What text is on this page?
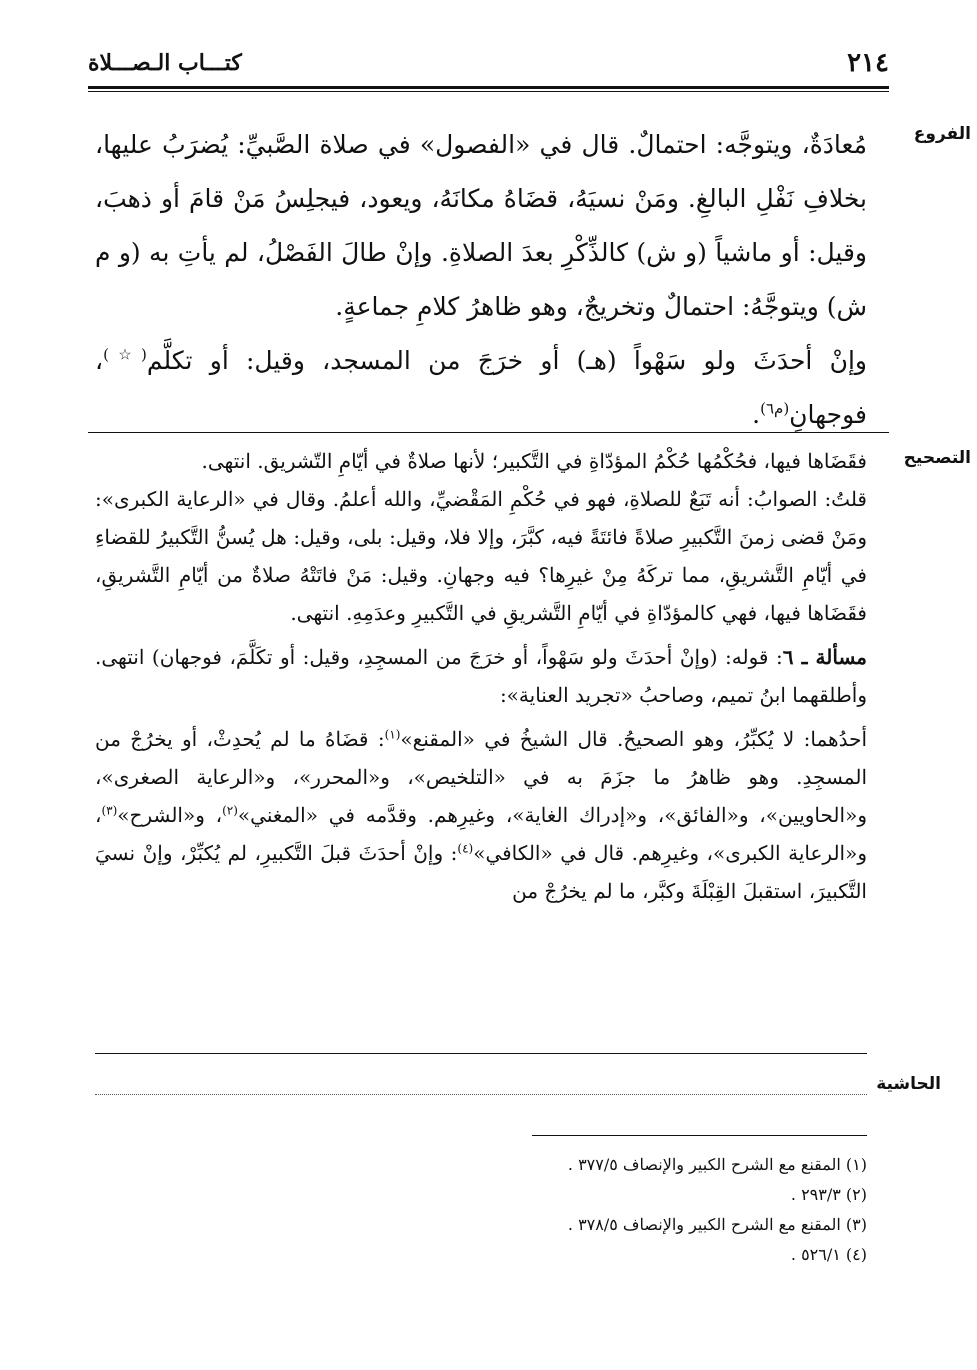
٢١٤
كتـــاب الـصـــلاة
الفروع

مُعادَةٌ، ويتوجَّه: احتمالٌ. قال في «الفصول» في صلاة الصَّبيِّ: يُضرَبُ عليها، بخلافِ نَفْلِ البالغِ. ومَنْ نسيَهُ، قضَاهُ مكانَهُ، ويعود، فيجلِسُ مَنْ قامَ أو ذهبَ، وقيل: أو ماشياً (و ش) كالذِّكْرِ بعدَ الصلاةِ. وإنْ طالَ الفَصْلُ، لم يأتِ به (و م ش) ويتوجَّهُ: احتمالٌ وتخريجٌ، وهو ظاهرُ كلامِ جماعةٍ.

وإنْ أحدَثَ ولو سَهْواً (هـ) أو خرَجَ من المسجد، وقيل: أو تكلَّم(☆)، فوجهانِ$^{(م٦)}$.

التصحيح

فقَضَاها فيها، فحُكْمُها حُكْمُ المؤدّاةِ في التَّكبير؛ لأنها صلاةٌ في أيّامِ التّشريق. انتهى.

قلتُ: الصوابُ: أنه تَبَعٌ للصلاةِ، فهو في حُكْمِ المَقْضيِّ، والله أعلمُ. وقال في «الرعاية الكبرى»: ومَنْ قضى زمنَ التَّكبيرِ صلاةً فائتَةً فيه، كبَّرَ، وإلا فلا، وقيل: بلى، وقيل: هل يُسنُّ التَّكبيرُ للقضاءِ في أيّامِ التَّشريقِ، مما تركَهُ مِنْ غيرِها؟ فيه وجهانِ. وقيل: مَنْ فاتَتْهُ صلاةٌ من أيّامِ التَّشريقِ، فقَضَاها فيها، فهي كالمؤدّاةِ في أيّامِ التَّشريقِ في التَّكبيرِ وعدَمِهِ. انتهى.

مسألة ـ ٦: قوله: (وإنْ أحدَثَ ولو سَهْواً، أو خرَجَ من المسجِدِ، وقيل: أو تكَلَّمَ، فوجهان) انتهى. وأطلقهما ابنُ تميم، وصاحبُ «تجريد العناية»:

أحدُهما: لا يُكبِّرُ، وهو الصحيحُ. قال الشيخُ في «المقنع»$^{(١)}$: قضَاهُ ما لم يُحدِثْ، أو يخرُجْ من المسجِدِ. وهو ظاهرُ ما جزَمَ به في «التلخيص»، و«المحرر»، و«الرعاية الصغرى»، و«الحاويين»، و«الفائق»، و«إدراك الغاية»، وغيرِهم. وقدَّمه في «المغني»$^{(٢)}$، و«الشرح»$^{(٣)}$، و«الرعاية الكبرى»، وغيرِهم. قال في «الكافي»$^{(٤)}$: وإنْ أحدَثَ قبلَ التَّكبيرِ، لم يُكبِّرْ، وإنْ نسيَ التَّكبيرَ، استقبلَ القِبْلَةَ وكبَّر، ما لم يخرُجْ من

الحاشية
(١) المقنع مع الشرح الكبير والإنصاف ٣٧٧/٥ .
(٢) ٢٩٣/٣ .
(٣) المقنع مع الشرح الكبير والإنصاف ٣٧٨/٥ .
(٤) ٥٢٦/١ .
